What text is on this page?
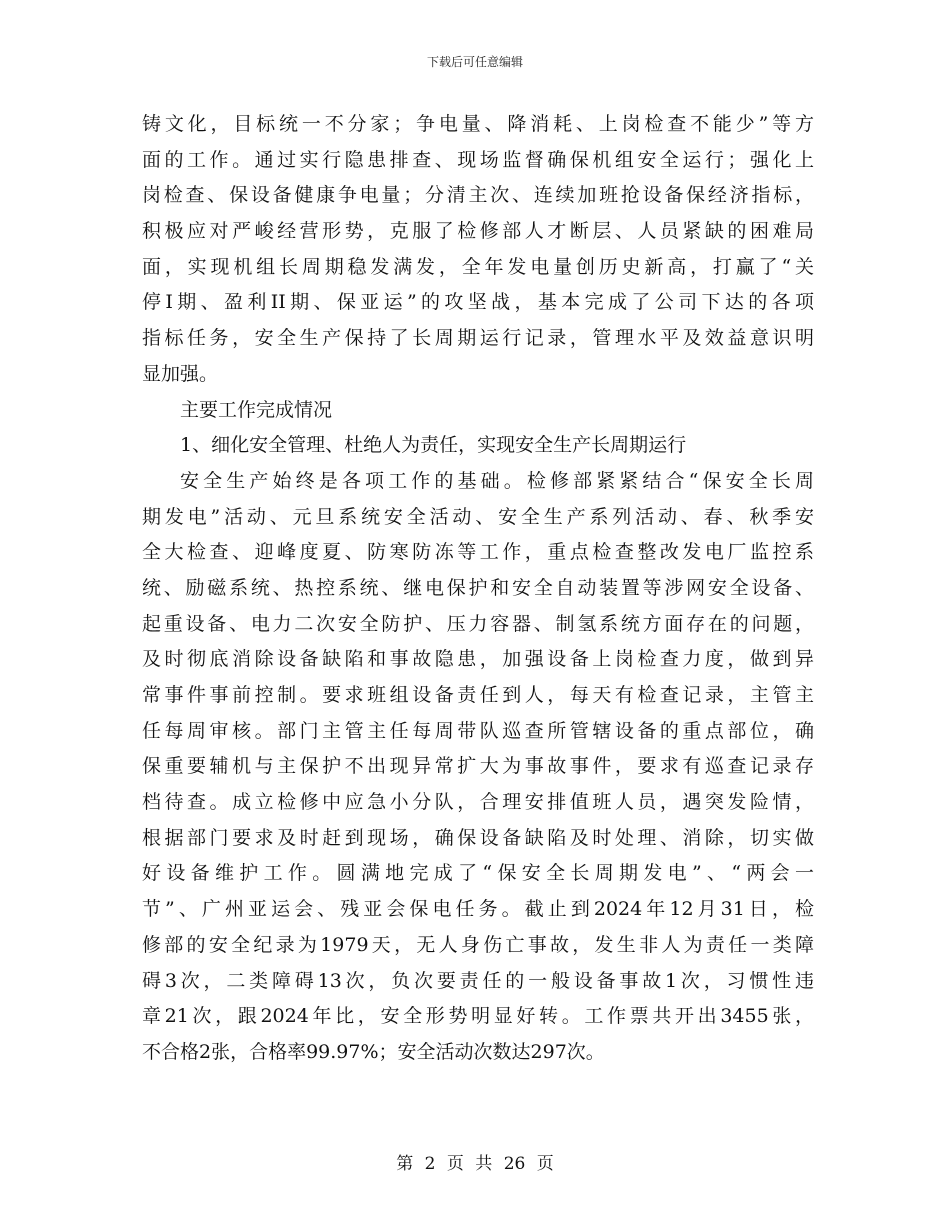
下载后可任意编辑
铸文化，目标统一不分家；争电量、降消耗、上岗检查不能少”等方
面的工作。通过实行隐患排查、现场监督确保机组安全运行；强化上
岗检查、保设备健康争电量；分清主次、连续加班抢设备保经济指标，
积极应对严峻经营形势，克服了检修部人才断层、人员紧缺的困难局
面，实现机组长周期稳发满发，全年发电量创历史新高，打赢了“关
停I期、盈利II期、保亚运”的攻坚战，基本完成了公司下达的各项
指标任务，安全生产保持了长周期运行记录，管理水平及效益意识明
显加强。
主要工作完成情况
1、细化安全管理、杜绝人为责任，实现安全生产长周期运行
安全生产始终是各项工作的基础。检修部紧紧结合“保安全长周
期发电”活动、元旦系统安全活动、安全生产系列活动、春、秋季安
全大检查、迎峰度夏、防寒防冻等工作，重点检查整改发电厂监控系
统、励磁系统、热控系统、继电保护和安全自动装置等涉网安全设备、
起重设备、电力二次安全防护、压力容器、制氢系统方面存在的问题，
及时彻底消除设备缺陷和事故隐患，加强设备上岗检查力度，做到异
常事件事前控制。要求班组设备责任到人，每天有检查记录，主管主
任每周审核。部门主管主任每周带队巡查所管辖设备的重点部位，确
保重要辅机与主保护不出现异常扩大为事故事件，要求有巡查记录存
档待查。成立检修中应急小分队，合理安排值班人员，遇突发险情，
根据部门要求及时赶到现场，确保设备缺陷及时处理、消除，切实做
好设备维护工作。圆满地完成了“保安全长周期发电”、“两会一
节”、广州亚运会、残亚会保电任务。截止到2024年12月31日，检
修部的安全纪录为1979天，无人身伤亡事故，发生非人为责任一类障
碍3次，二类障碍13次，负次要责任的一般设备事故1次，习惯性违
章21次，跟2024年比，安全形势明显好转。工作票共开出3455张，
不合格2张，合格率99.97%；安全活动次数达297次。
第 2 页 共 26 页
